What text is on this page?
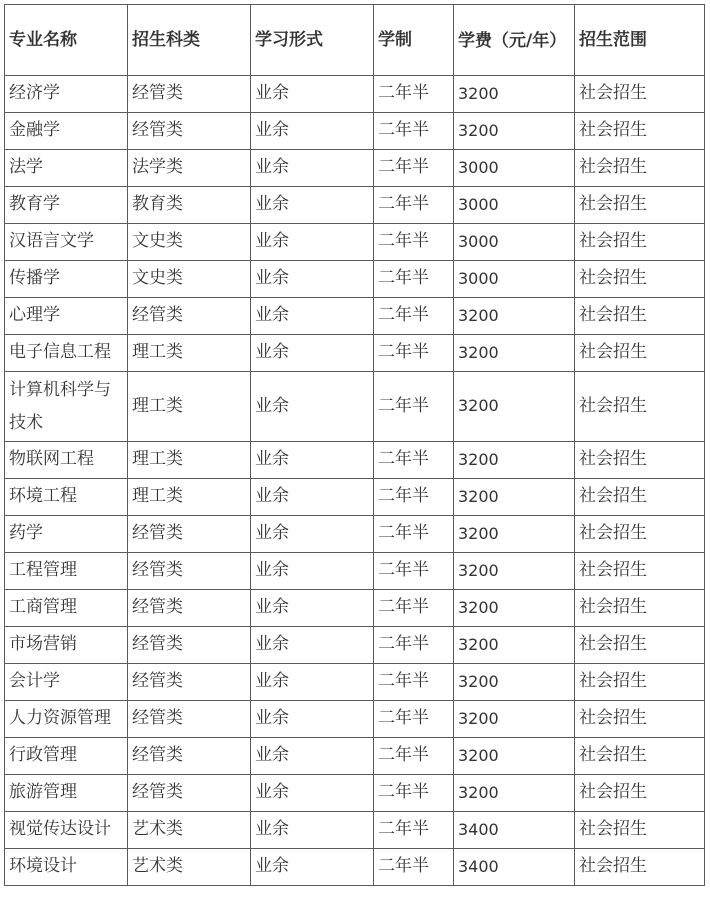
专业名称	招生科类	学习形式	学制	学费（元/年）	招生范围
经济学	经管类	业余	二年半	3200	社会招生
金融学	经管类	业余	二年半	3200	社会招生
法学	法学类	业余	二年半	3000	社会招生
教育学	教育类	业余	二年半	3000	社会招生
汉语言文学	文史类	业余	二年半	3000	社会招生
传播学	文史类	业余	二年半	3000	社会招生
心理学	经管类	业余	二年半	3200	社会招生
电子信息工程	理工类	业余	二年半	3200	社会招生

计算机科学与技术	理工类	业余	二年半	3200	社会招生
物联网工程	理工类	业余	二年半	3200	社会招生
环境工程	理工类	业余	二年半	3200	社会招生
药学	经管类	业余	二年半	3200	社会招生
工程管理	经管类	业余	二年半	3200	社会招生
工商管理	经管类	业余	二年半	3200	社会招生
市场营销	经管类	业余	二年半	3200	社会招生
会计学	经管类	业余	二年半	3200	社会招生
人力资源管理	经管类	业余	二年半	3200	社会招生
行政管理	经管类	业余	二年半	3200	社会招生
旅游管理	经管类	业余	二年半	3200	社会招生
视觉传达设计	艺术类	业余	二年半	3400	社会招生
环境设计	艺术类	业余	二年半	3400	社会招生
